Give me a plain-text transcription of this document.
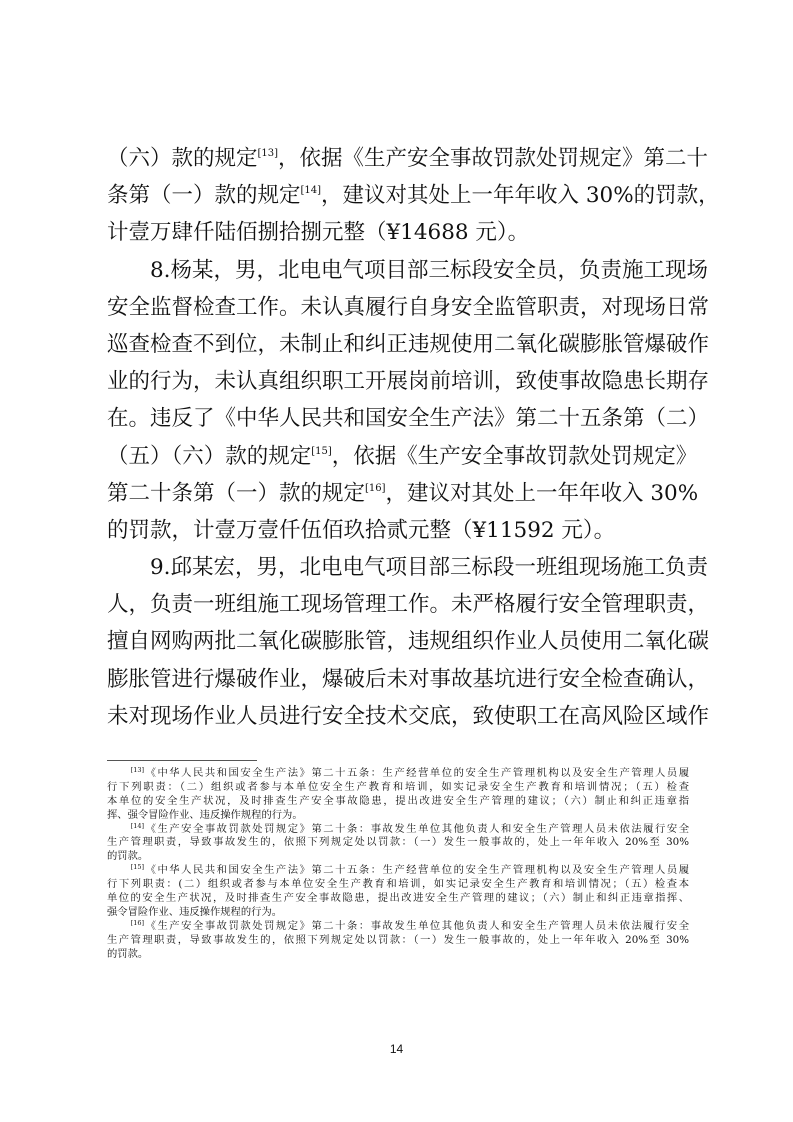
（六）款的规定[13]，依据《生产安全事故罚款处罚规定》第二十
条第（一）款的规定[14]，建议对其处上一年年收入 30%的罚款，
计壹万肆仟陆佰捌拾捌元整（¥14688 元）。
　　8.杨某，男，北电电气项目部三标段安全员，负责施工现场
安全监督检查工作。未认真履行自身安全监管职责，对现场日常
巡查检查不到位，未制止和纠正违规使用二氧化碳膨胀管爆破作
业的行为，未认真组织职工开展岗前培训，致使事故隐患长期存
在。违反了《中华人民共和国安全生产法》第二十五条第（二）
（五）（六）款的规定[15]，依据《生产安全事故罚款处罚规定》
第二十条第（一）款的规定[16]，建议对其处上一年年收入 30%
的罚款，计壹万壹仟伍佰玖拾贰元整（¥11592 元）。
　　9.邱某宏，男，北电电气项目部三标段一班组现场施工负责
人，负责一班组施工现场管理工作。未严格履行安全管理职责，
擅自网购两批二氧化碳膨胀管，违规组织作业人员使用二氧化碳
膨胀管进行爆破作业，爆破后未对事故基坑进行安全检查确认，
未对现场作业人员进行安全技术交底，致使职工在高风险区域作
　　[13]《中华人民共和国安全生产法》第二十五条：生产经营单位的安全生产管理机构以及安全生产管理人员履
行下列职责：（二）组织或者参与本单位安全生产教育和培训，如实记录安全生产教育和培训情况；（五）检查
本单位的安全生产状况，及时排查生产安全事故隐患，提出改进安全生产管理的建议；（六）制止和纠正违章指
挥、强令冒险作业、违反操作规程的行为。
　　[14]《生产安全事故罚款处罚规定》第二十条：事故发生单位其他负责人和安全生产管理人员未依法履行安全
生产管理职责，导致事故发生的，依照下列规定处以罚款：（一）发生一般事故的，处上一年年收入 20%至 30%
的罚款。
　　[15]《中华人民共和国安全生产法》第二十五条：生产经营单位的安全生产管理机构以及安全生产管理人员履
行下列职责：(二）组织或者参与本单位安全生产教育和培训，如实记录安全生产教育和培训情况；（五）检查本
单位的安全生产状况，及时排查生产安全事故隐患，提出改进安全生产管理的建议；（六）制止和纠正违章指挥、
强令冒险作业、违反操作规程的行为。
　　[16]《生产安全事故罚款处罚规定》第二十条：事故发生单位其他负责人和安全生产管理人员未依法履行安全
生产管理职责，导致事故发生的，依照下列规定处以罚款：（一）发生一般事故的，处上一年年收入 20%至 30%
的罚款。
14
